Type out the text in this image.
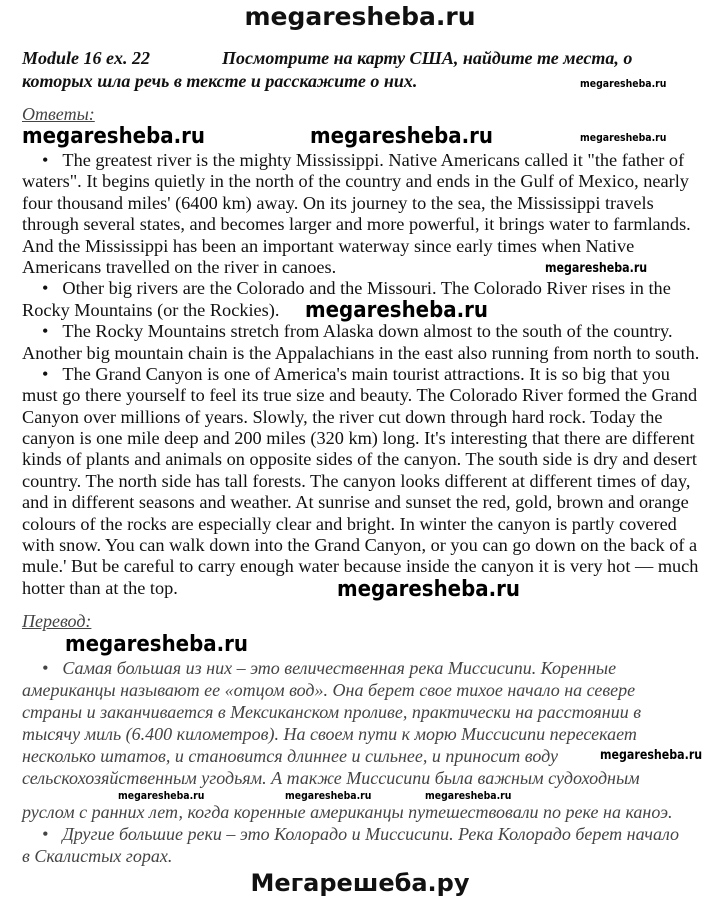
megaresheba.ru
Module 16 ex. 22	Посмотрите на карту США, найдите те места, о
которых шла речь в тексте и расскажите о них.
Ответы:
• The greatest river is the mighty Mississippi. Native Americans called it "the father of
waters". It begins quietly in the north of the country and ends in the Gulf of Mexico, nearly
four thousand miles' (6400 km) away. On its journey to the sea, the Mississippi travels
through several states, and becomes larger and more powerful, it brings water to farmlands.
And the Mississippi has been an important waterway since early times when Native
Americans travelled on the river in canoes.
• Other big rivers are the Colorado and the Missouri. The Colorado River rises in the
Rocky Mountains (or the Rockies).
• The Rocky Mountains stretch from Alaska down almost to the south of the country.
Another big mountain chain is the Appalachians in the east also running from north to south.
• The Grand Canyon is one of America's main tourist attractions. It is so big that you
must go there yourself to feel its true size and beauty. The Colorado River formed the Grand
Canyon over millions of years. Slowly, the river cut down through hard rock. Today the
canyon is one mile deep and 200 miles (320 km) long. It's interesting that there are different
kinds of plants and animals on opposite sides of the canyon. The south side is dry and desert
country. The north side has tall forests. The canyon looks different at different times of day,
and in different seasons and weather. At sunrise and sunset the red, gold, brown and orange
colours of the rocks are especially clear and bright. In winter the canyon is partly covered
with snow. You can walk down into the Grand Canyon, or you can go down on the back of a
mule.' But be careful to carry enough water because inside the canyon it is very hot — much
hotter than at the top.
Перевод:
• Самая большая из них – это величественная река Миссисипи. Коренные
американцы называют ее «отцом вод». Она берет свое тихое начало на севере
страны и заканчивается в Мексиканском проливе, практически на расстоянии в
тысячу миль (6.400 километров). На своем пути к морю Миссисипи пересекает
несколько штатов, и становится длиннее и сильнее, и приносит воду
сельскохозяйственным угодьям. А также Миссисипи была важным судоходным
руслом с ранних лет, когда коренные американцы путешествовали по реке на каноэ.
• Другие большие реки – это Колорадо и Миссисипи. Река Колорадо берет начало
в Скалистых горах.
megaresheba.ru	megaresheba.ru
megaresheba.ru
megaresheba.ru
megaresheba.ru
megaresheba.ru
megaresheba.ru
megaresheba.ru
megaresheba.ru
megaresheba.ru	megaresheba.ru	megaresheba.ru
Мегарешеба.ру
